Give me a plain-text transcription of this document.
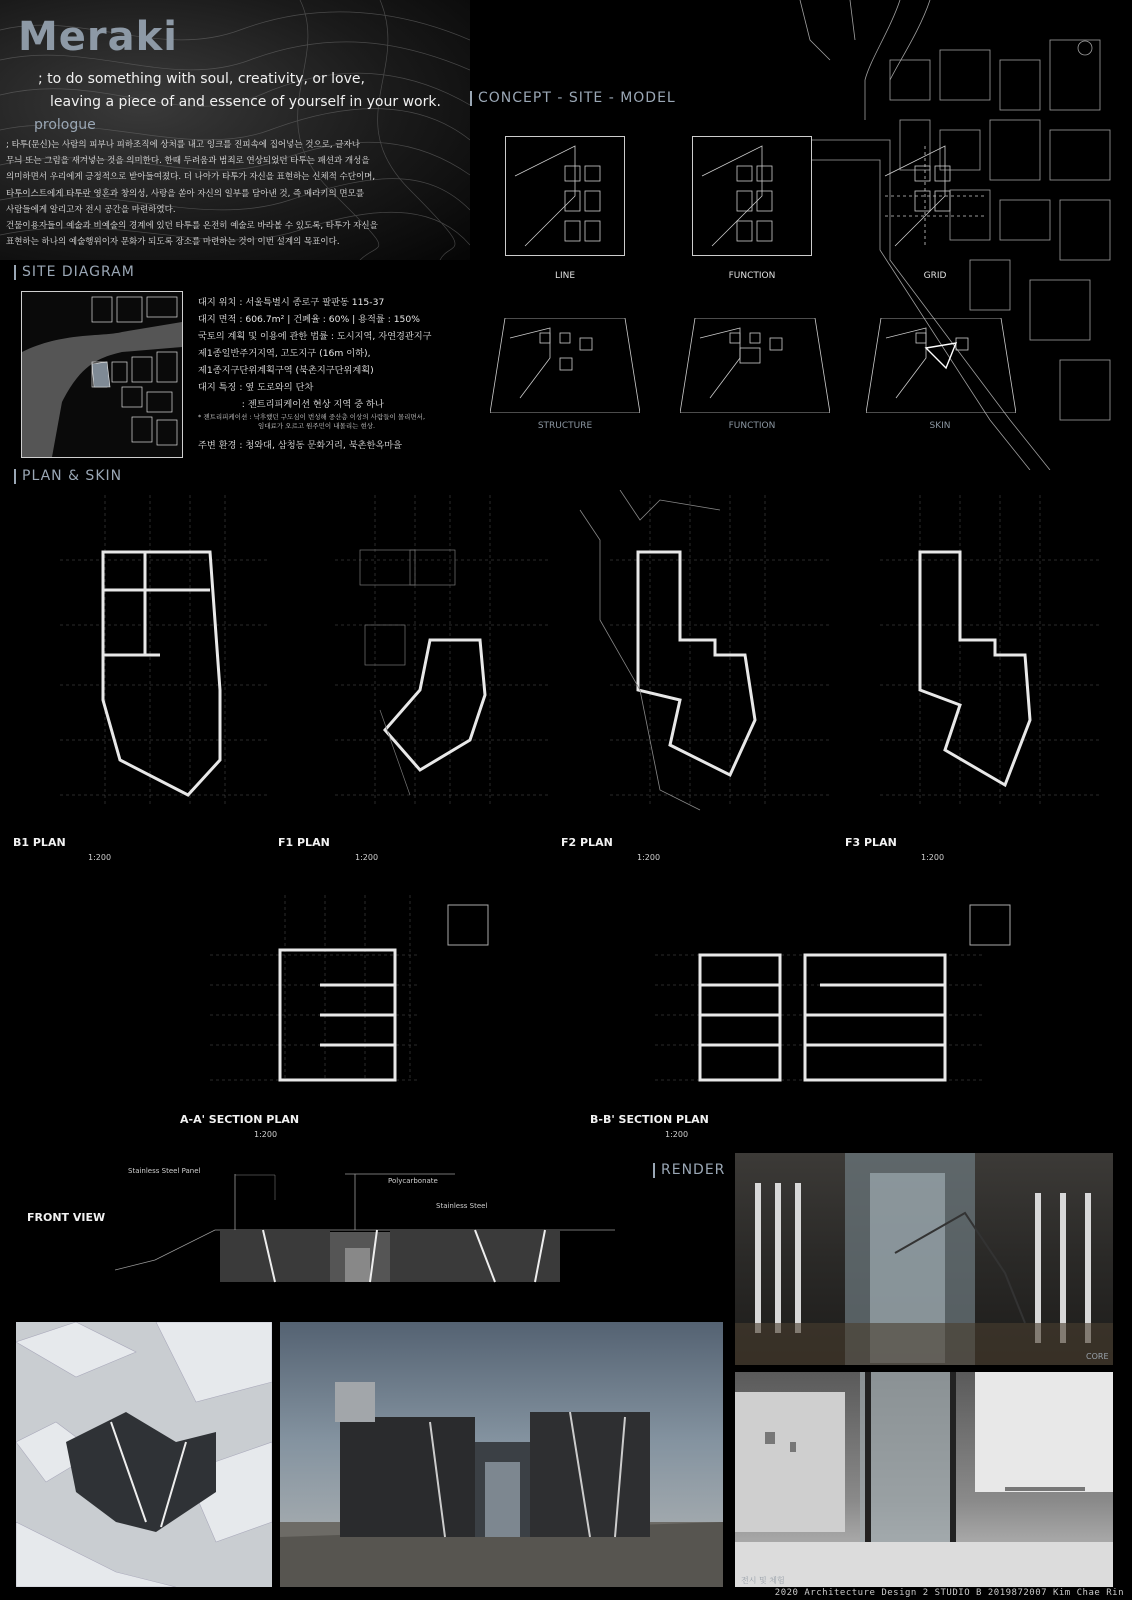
Meraki
; to do something with soul, creativity, or love,
leaving a piece of and essence of yourself in your work.
prologue

; 타투(문신)는 사람의 피부나 피하조직에 상처를 내고 잉크를 진피속에 집어넣는 것으로, 글자나

무늬 또는 그림을 새겨넣는 것을 의미한다. 한때 두려움과 범죄로 연상되었던 타투는 패션과 개성을

의미하면서 우리에게 긍정적으로 받아들여졌다. 더 나아가 타투가 자신을 표현하는 신체적 수단이며,

타투이스트에게 타투란 영혼과 창의성, 사랑을 쏟아 자신의 일부를 담아낸 것, 즉 메라키의 면모를

사람들에게 알리고자 전시 공간을 마련하였다.

건물이용자들이 예술과 비예술의 경계에 있던 타투를 온전히 예술로 바라볼 수 있도록, 타투가 자신을

표현하는 하나의 예술행위이자 문화가 되도록 장소를 마련하는 것이 이번 설계의 목표이다.

CONCEPT - SITE - MODEL
LINE	FUNCTION	GRID
STRUCTURE	FUNCTION	SKIN
SITE DIAGRAM
대지 위치 : 서울특별시 종로구 팔판동 115-37
대지 면적 : 606.7m² | 건폐율 : 60% | 용적률 : 150%
국토의 계획 및 이용에 관한 법률 : 도시지역, 자연경관지구
제1종일반주거지역, 고도지구 (16m 이하),
제1종지구단위계획구역 (북촌지구단위계획)
대지 특징 : 옆 도로와의 단차
: 젠트리피케이션 현상 지역 중 하나
* 젠트리피케이션 : 낙후했던 구도심이 번성해 중산층 이상의 사람들이 몰리면서,
임대료가 오르고 원주민이 내몰리는 현상.
주변 환경 : 청와대, 삼청동 문화거리, 북촌한옥마을
PLAN & SKIN
B1 PLAN
1:200
F1 PLAN
1:200
F2 PLAN
1:200
F3 PLAN
1:200
A-A' SECTION PLAN
1:200
B-B' SECTION PLAN
1:200
FRONT VIEW
Stainless Steel Panel
Polycarbonate
Stainless Steel
RENDER
CORE
전시 및 체험
2020 Architecture Design 2 STUDIO B 2019872007 Kim Chae Rin
